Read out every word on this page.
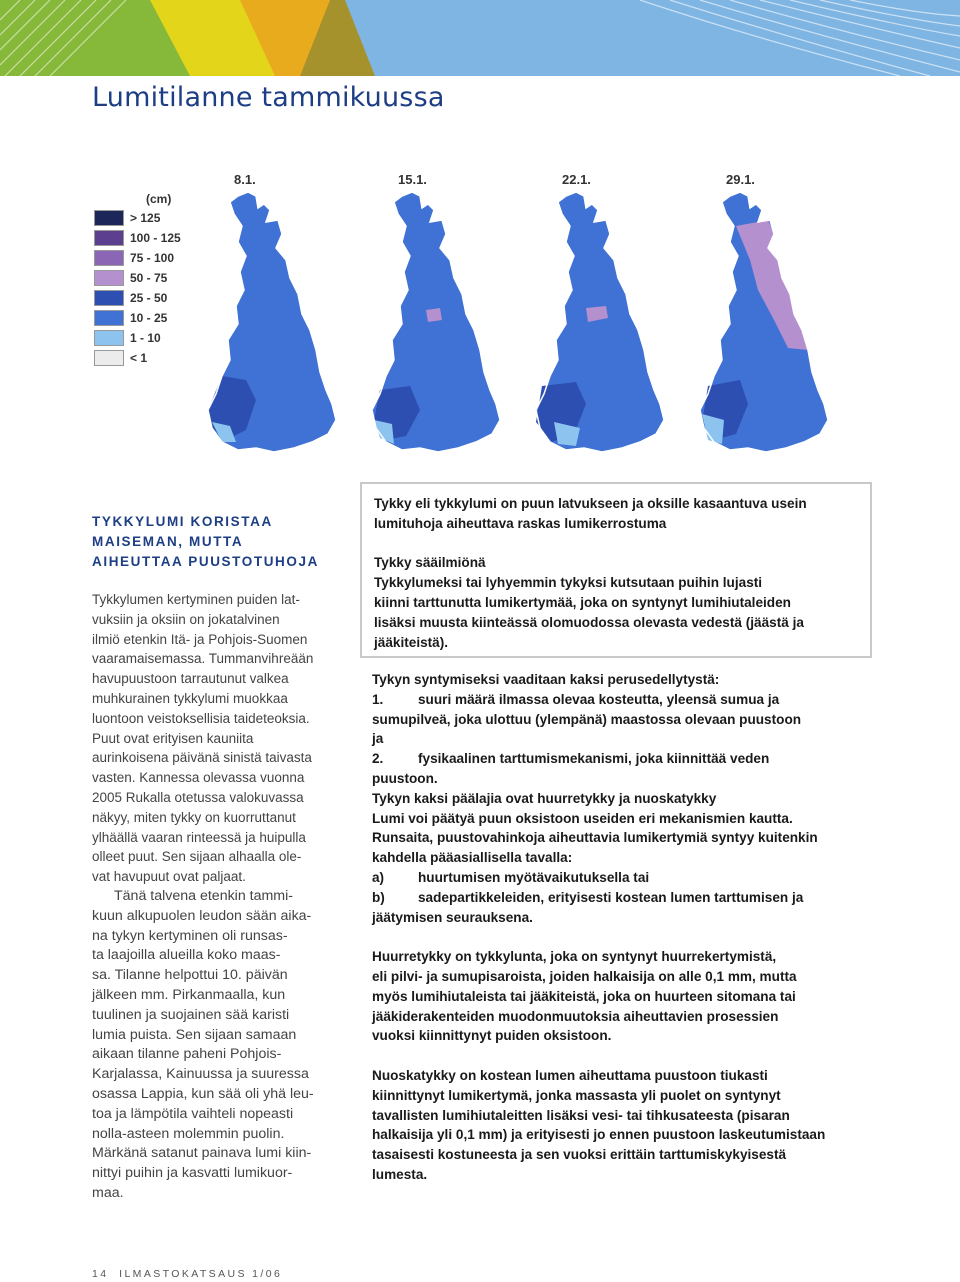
Lumitilanne tammikuussa
(cm)
> 125
100 - 125
75 - 100
50 - 75
25 - 50
10 - 25
1 - 10
< 1
8.1.	15.1.	22.1.	29.1.
TYKKYLUMI KORISTAA
MAISEMAN, MUTTA
AIHEUTTAA PUUSTOTUHOJA

Tykkylumen kertyminen puiden lat-
vuksiin ja oksiin on jokatalvinen
ilmiö etenkin Itä- ja Pohjois-Suomen
vaaramaisemassa. Tummanvihreään
havupuustoon tarrautunut valkea
muhkurainen tykkylumi muokkaa
luontoon veistoksellisia taideteoksia.
Puut ovat erityisen kauniita
aurinkoisena päivänä sinistä taivasta
vasten. Kannessa olevassa vuonna
2005 Rukalla otetussa valokuvassa
näkyy, miten tykky on kuorruttanut
ylhäällä vaaran rinteessä ja huipulla
olleet puut. Sen sijaan alhaalla ole-
vat havupuut ovat paljaat.

Tänä talvena etenkin tammi-
kuun alkupuolen leudon sään aika-
na tykyn kertyminen oli runsas-
ta laajoilla alueilla koko maas-
sa. Tilanne helpottui 10. päivän
jälkeen mm. Pirkanmaalla, kun
tuulinen ja suojainen sää karisti
lumia puista. Sen sijaan samaan
aikaan tilanne paheni Pohjois-
Karjalassa, Kainuussa ja suuressa
osassa Lappia, kun sää oli yhä leu-
toa ja lämpötila vaihteli nopeasti
nolla-asteen molemmin puolin.
Märkänä satanut painava lumi kiin-
nittyi puihin ja kasvatti lumikuor-
maa.

Tykky eli tykkylumi on puun latvukseen ja oksille kasaantuva usein
lumituhoja aiheuttava raskas lumikerrostuma

Tykky sääilmiönä
Tykkylumeksi tai lyhyemmin tykyksi kutsutaan puihin lujasti
kiinni tarttunutta lumikertymää, joka on syntynyt lumihiutaleiden
lisäksi muusta kiinteässä olomuodossa olevasta vedestä (jäästä ja
jääkiteistä).

Tykyn syntymiseksi vaaditaan kaksi perusedellytystä:

1.	suuri määrä ilmassa olevaa kosteutta, yleensä sumua ja

sumupilveä, joka ulottuu (ylempänä) maastossa olevaan puustoon
ja

2.	fysikaalinen tarttumismekanismi, joka kiinnittää veden

puustoon.

Tykyn kaksi päälajia ovat huurretykky ja nuoskatykky
Lumi voi päätyä puun oksistoon useiden eri mekanismien kautta.
Runsaita, puustovahinkoja aiheuttavia lumikertymiä syntyy kuitenkin
kahdella pääasiallisella tavalla:

a)	huurtumisen myötävaikutuksella tai
b)	sadepartikkeleiden, erityisesti kostean lumen tarttumisen ja

jäätymisen seurauksena.

Huurretykky on tykkylunta, joka on syntynyt huurrekertymistä,
eli pilvi- ja sumupisaroista, joiden halkaisija on alle 0,1 mm, mutta
myös lumihiutaleista tai jääkiteistä, joka on huurteen sitomana tai
jääkiderakenteiden muodonmuutoksia aiheuttavien prosessien
vuoksi kiinnittynyt puiden oksistoon.

Nuoskatykky on kostean lumen aiheuttama puustoon tiukasti
kiinnittynyt lumikertymä, jonka massasta yli puolet on syntynyt
tavallisten lumihiutaleitten lisäksi vesi- tai tihkusateesta (pisaran
halkaisija yli 0,1 mm) ja erityisesti jo ennen puustoon laskeutumistaan
tasaisesti kostuneesta ja sen vuoksi erittäin tarttumiskykyisestä
lumesta.

14 ILMASTOKATSAUS 1/06
